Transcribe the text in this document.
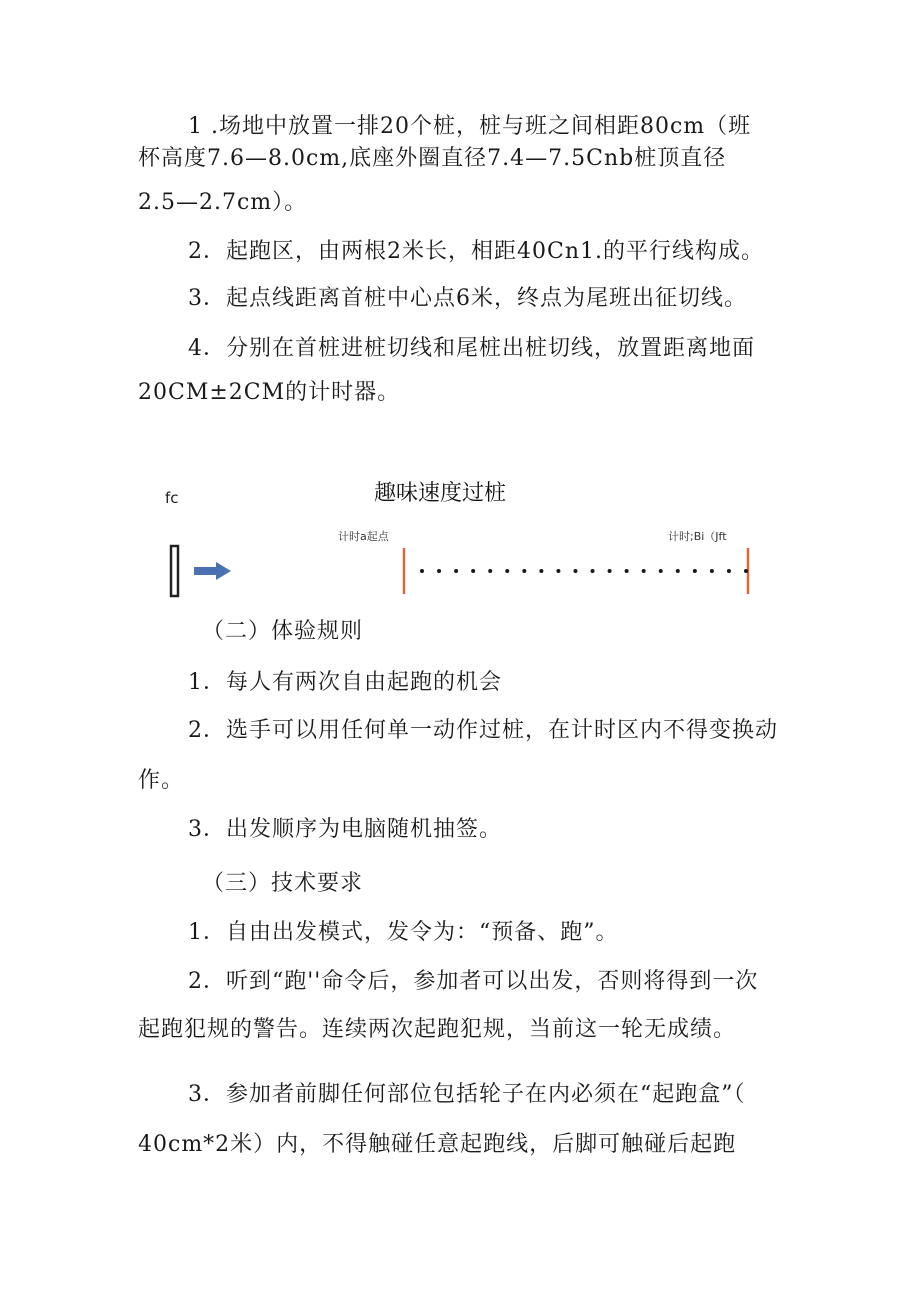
1 .场地中放置一排20个桩，桩与班之间相距80cm（班
杯高度7.6—8.0cm,底座外圈直径7.4—7.5Cnb桩顶直径
2.5—2.7cm）。
2．起跑区，由两根2米长，相距40Cn1.的平行线构成。
3．起点线距离首桩中心点6米，终点为尾班出征切线。
4．分别在首桩进桩切线和尾桩出桩切线，放置距离地面
20CM±2CM的计时器。
fc	趣味速度过桩
计时a起点	计时;Bi（Jft
（二）体验规则
1．每人有两次自由起跑的机会
2．选手可以用任何单一动作过桩，在计时区内不得变换动
作。
3．出发顺序为电脑随机抽签。
（三）技术要求
1．自由出发模式，发令为：“预备、跑”。
2．听到“跑''命令后，参加者可以出发，否则将得到一次
起跑犯规的警告。连续两次起跑犯规，当前这一轮无成绩。
3．参加者前脚任何部位包括轮子在内必须在“起跑盒”（
40cm*2米）内，不得触碰任意起跑线，后脚可触碰后起跑
